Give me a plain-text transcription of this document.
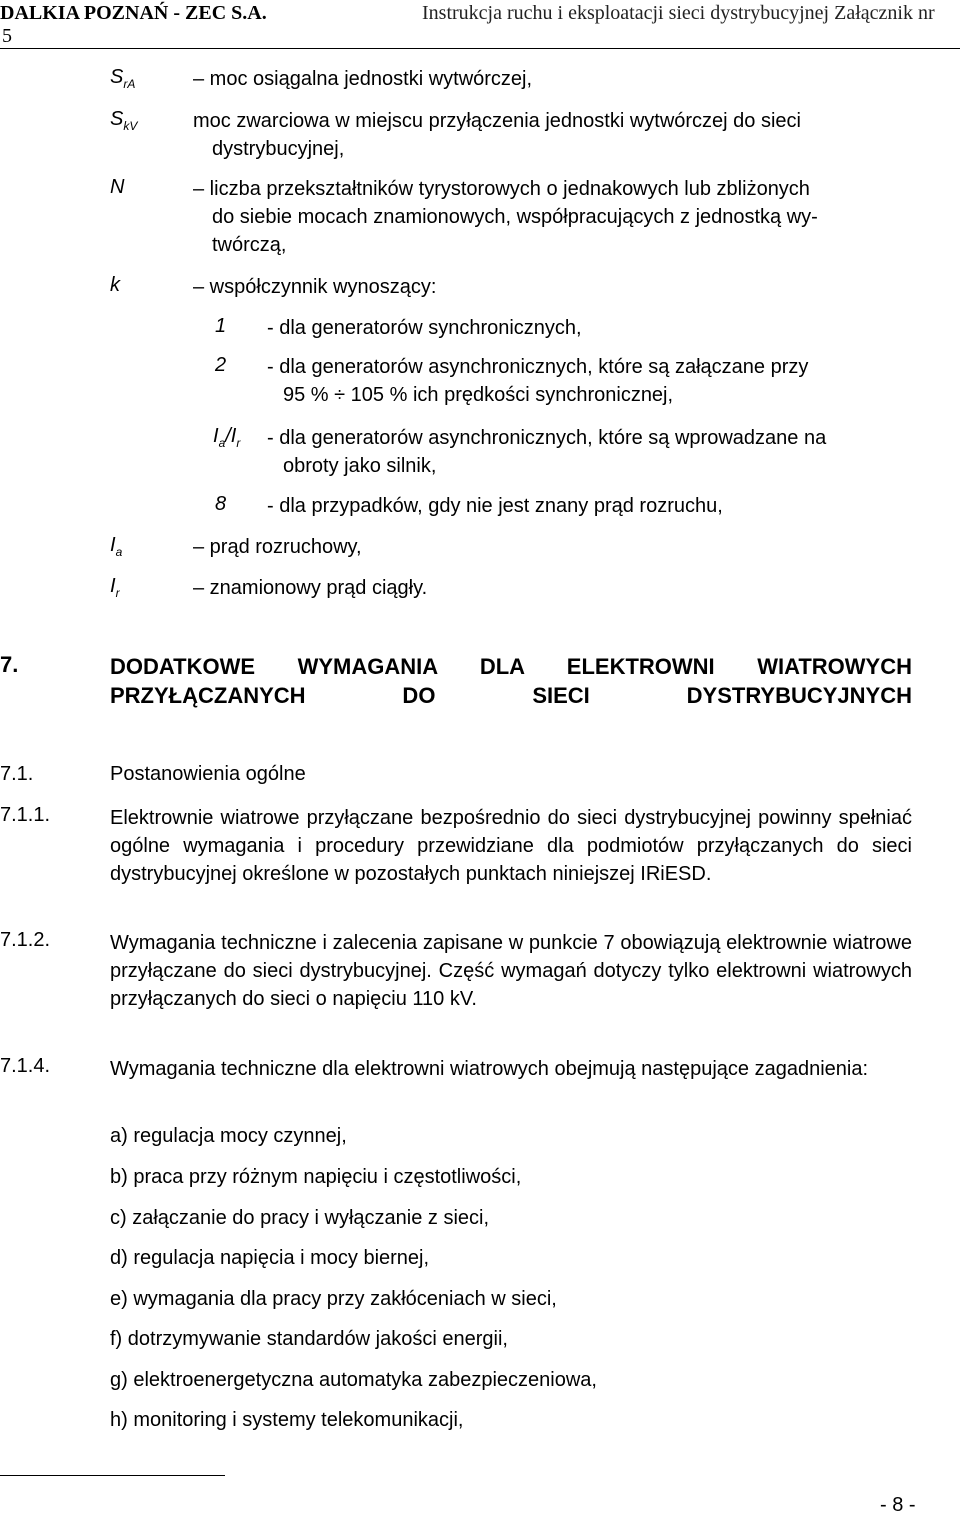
DALKIA POZNAŃ - ZEC S.A.	Instrukcja ruchu i eksploatacji sieci dystrybucyjnej Załącznik nr
5
$S_{rA}$	– moc osiągalna jednostki wytwórczej,
$S_{kV}$	moc zwarciowa w miejscu przyłączenia jednostki wytwórczej do sieci
dystrybucyjnej,
N	– liczba przekształtników tyrystorowych o jednakowych lub zbliżonych
do siebie mocach znamionowych, współpracujących z jednostką wy-
twórczą,
k	– współczynnik wynoszący:
1 - dla generatorów synchronicznych,
2 - dla generatorów asynchronicznych, które są załączane przy
95 % ÷ 105 % ich prędkości synchronicznej,
$I_a/I_r$ - dla generatorów asynchronicznych, które są wprowadzane na
obroty jako silnik,
8 - dla przypadków, gdy nie jest znany prąd rozruchu,
$I_a$	– prąd rozruchowy,
$I_r$	– znamionowy prąd ciągły.
7.	DODATKOWE WYMAGANIA DLA ELEKTROWNI WIATROWYCH PRZYŁĄCZANYCH DO SIECI DYSTRYBUCYJNYCH
7.1.	Postanowienia ogólne
7.1.1.	Elektrownie wiatrowe przyłączane bezpośrednio do sieci dystrybucyjnej powinny spełniać ogólne wymagania i procedury przewidziane dla podmiotów przyłączanych do sieci dystrybucyjnej określone w pozostałych punktach niniejszej IRiESD.
7.1.2.	Wymagania techniczne i zalecenia zapisane w punkcie 7 obowiązują elektrownie wiatrowe przyłączane do sieci dystrybucyjnej. Część wymagań dotyczy tylko elektrowni wiatrowych przyłączanych do sieci o napięciu 110 kV.
7.1.4.	Wymagania techniczne dla elektrowni wiatrowych obejmują następujące zagadnienia:
a) regulacja mocy czynnej,
b) praca przy różnym napięciu i częstotliwości,
c) załączanie do pracy i wyłączanie z sieci,
d) regulacja napięcia i mocy biernej,
e) wymagania dla pracy przy zakłóceniach w sieci,
f) dotrzymywanie standardów jakości energii,
g) elektroenergetyczna automatyka zabezpieczeniowa,
h) monitoring i systemy telekomunikacji,
- 8 -
